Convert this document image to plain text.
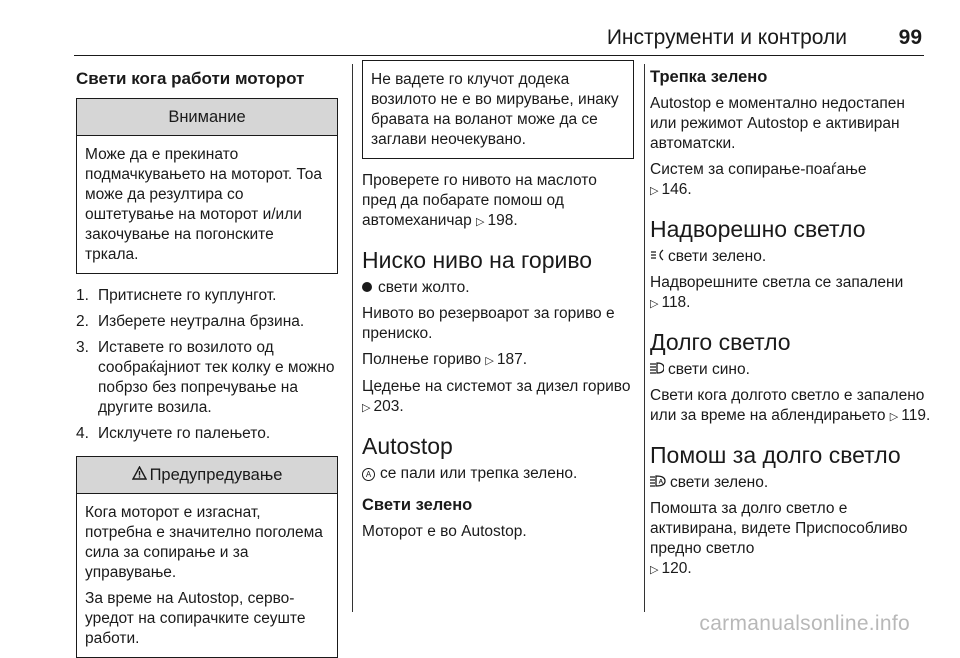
Инструменти и контроли 99
Свети кога работи моторот
Внимание

Може да е прекинато подмачкувањето на моторот. Тоа може да резултира со оштетување на моторот и/или закочување на погонските тркала.

1. Притиснете го куплунгот.
2. Изберете неутрална брзина.
3. Иставете го возилото од сообраќајниот тек колку е можно побрзо без попречување на другите возила.
4. Исклучете го палењето.
Предупредување

Кога моторот е изгаснат, потребна е значително поголема сила за сопирање и за управување.

За време на Autostop, серво-уредот на сопирачките сеуште работи.

Не вадете го клучот додека возилото не е во мирување, инаку бравата на воланот може да се заглави неочекувано.

Проверете го нивото на маслото пред да побарате помош од автомеханичар ▷ 198.

Ниско ниво на гориво

свети жолто.

Нивото во резервоарот за гориво е прениско.

Полнење гориво ▷ 187.

Цедење на системот за дизел гориво ▷ 203.

Autostop

A се пали или трепка зелено.

Свети зелено

Моторот е во Autostop.

Трепка зелено

Autostop е моментално недостапен или режимот Autostop е активиран автоматски.

Систем за сопирање-поаѓање
▷ 146.

Надворешно светло

свети зелено.

Надворешните светла се запалени
▷ 118.

Долго светло

свети сино.

Свети кога долгото светло е запалено или за време на аблендирањето ▷ 119.

Помош за долго светло

A свети зелено.

Помошта за долго светло е активирана, видете Приспособливо предно светло
▷ 120.

carmanualsonline.info
